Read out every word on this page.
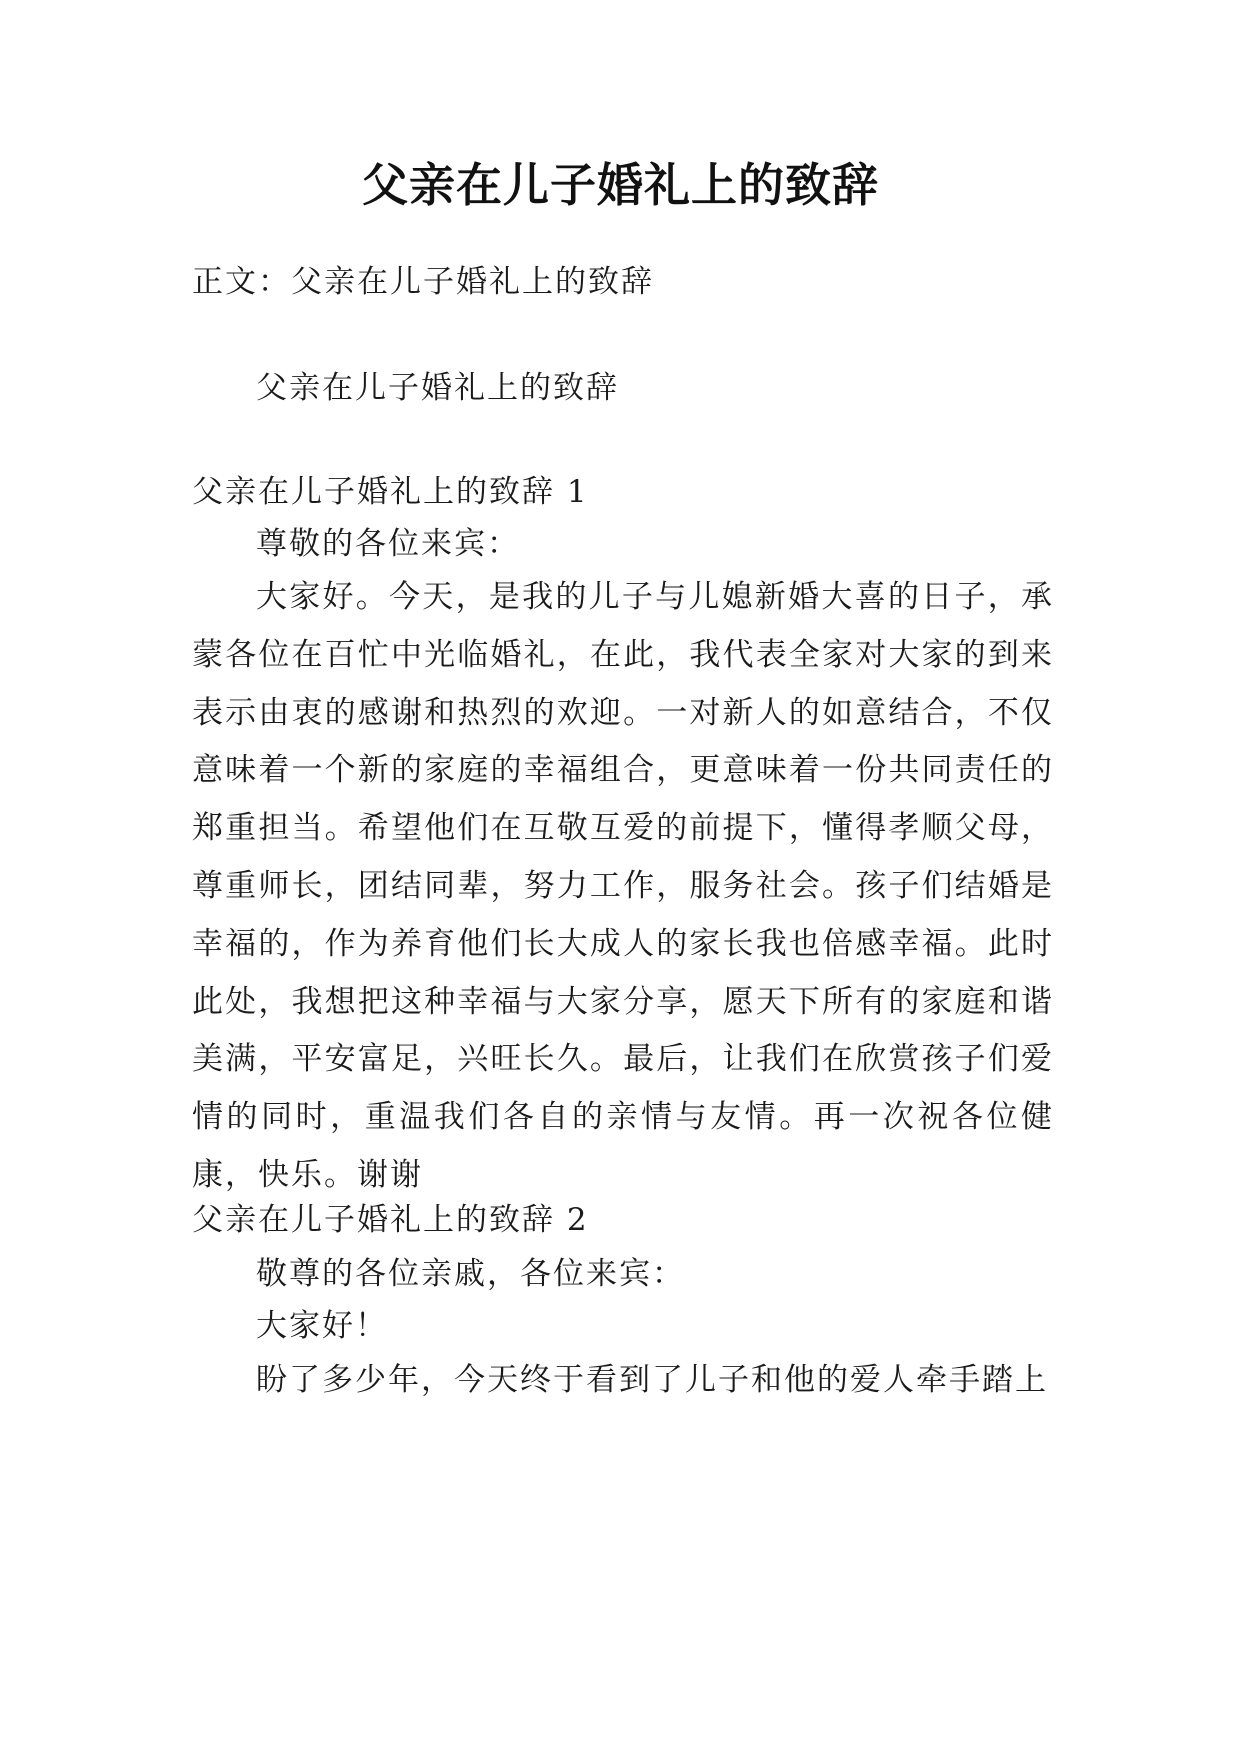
父亲在儿子婚礼上的致辞
正文：父亲在儿子婚礼上的致辞
父亲在儿子婚礼上的致辞
父亲在儿子婚礼上的致辞 1
尊敬的各位来宾：

大家好。今天，是我的儿子与儿媳新婚大喜的日子，承蒙各位在百忙中光临婚礼，在此，我代表全家对大家的到来表示由衷的感谢和热烈的欢迎。一对新人的如意结合，不仅意味着一个新的家庭的幸福组合，更意味着一份共同责任的郑重担当。希望他们在互敬互爱的前提下，懂得孝顺父母，尊重师长，团结同辈，努力工作，服务社会。孩子们结婚是幸福的，作为养育他们长大成人的家长我也倍感幸福。此时此处，我想把这种幸福与大家分享，愿天下所有的家庭和谐美满，平安富足，兴旺长久。最后，让我们在欣赏孩子们爱情的同时，重温我们各自的亲情与友情。再一次祝各位健康，快乐。谢谢

父亲在儿子婚礼上的致辞 2
敬尊的各位亲戚，各位来宾：
大家好！
盼了多少年，今天终于看到了儿子和他的爱人牵手踏上
